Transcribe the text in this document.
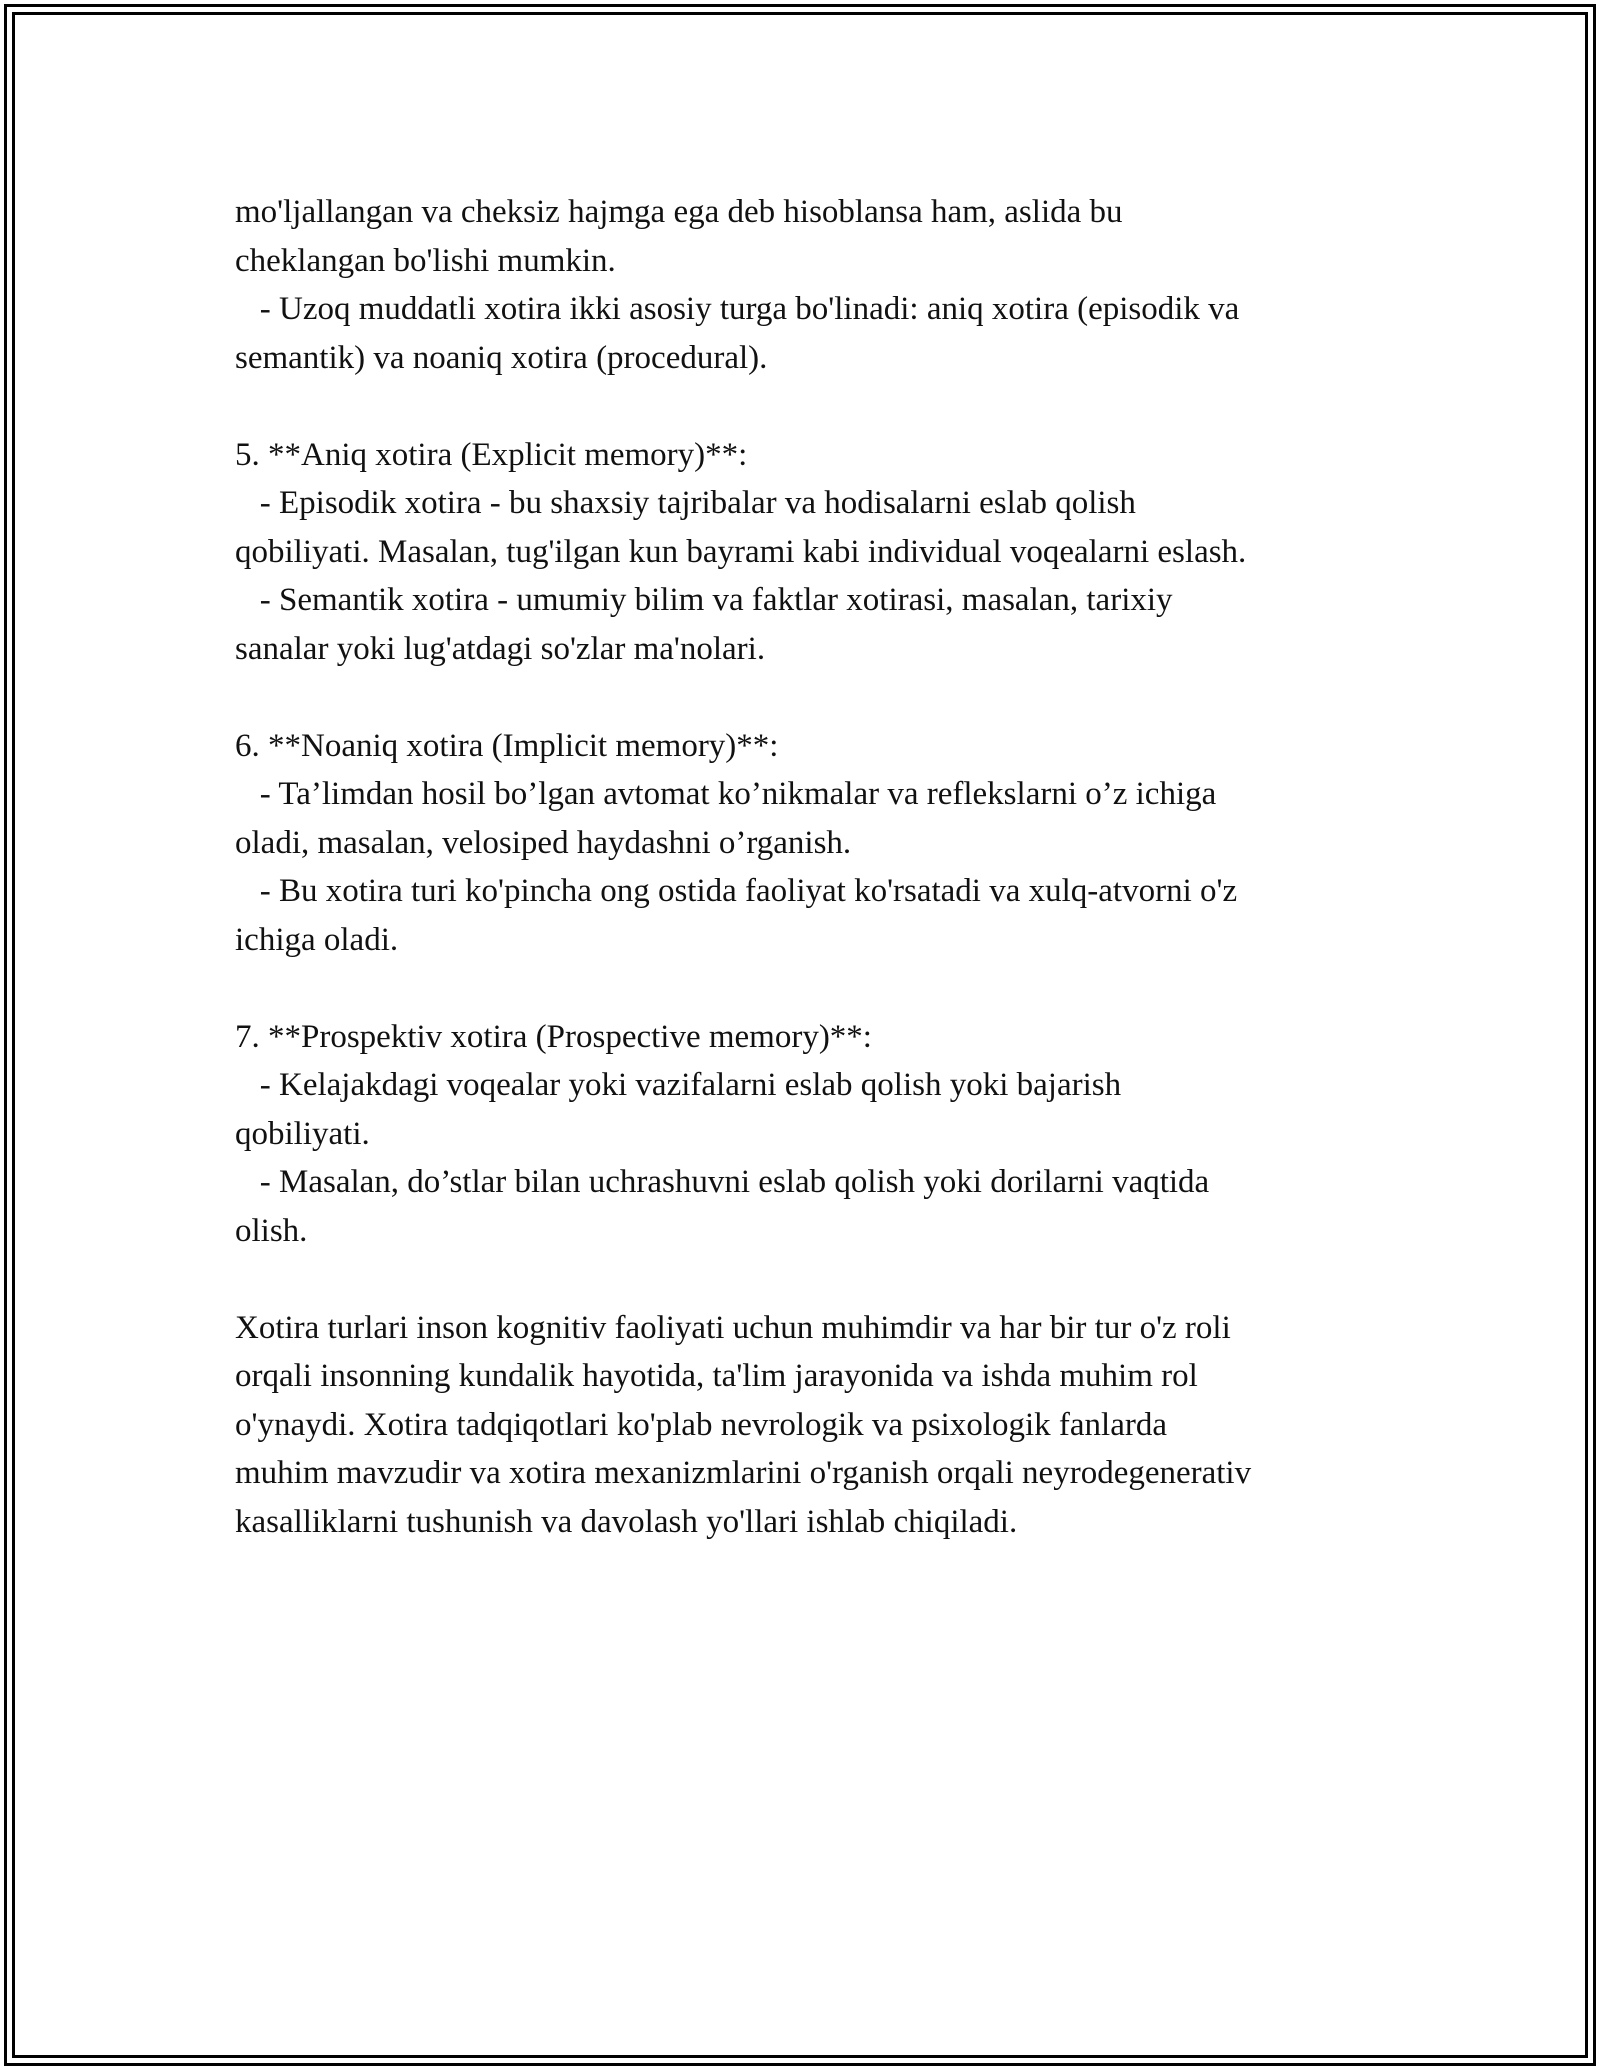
mo'ljallangan va cheksiz hajmga ega deb hisoblansa ham, aslida bu
cheklangan bo'lishi mumkin.
- Uzoq muddatli xotira ikki asosiy turga bo'linadi: aniq xotira (episodik va
semantik) va noaniq xotira (procedural).
5. **Aniq xotira (Explicit memory)**:
- Episodik xotira - bu shaxsiy tajribalar va hodisalarni eslab qolish
qobiliyati. Masalan, tug'ilgan kun bayrami kabi individual voqealarni eslash.
- Semantik xotira - umumiy bilim va faktlar xotirasi, masalan, tarixiy
sanalar yoki lug'atdagi so'zlar ma'nolari.
6. **Noaniq xotira (Implicit memory)**:
- Ta’limdan hosil bo’lgan avtomat ko’nikmalar va reflekslarni o’z ichiga
oladi, masalan, velosiped haydashni o’rganish.
- Bu xotira turi ko'pincha ong ostida faoliyat ko'rsatadi va xulq-atvorni o'z
ichiga oladi.
7. **Prospektiv xotira (Prospective memory)**:
- Kelajakdagi voqealar yoki vazifalarni eslab qolish yoki bajarish
qobiliyati.
- Masalan, do’stlar bilan uchrashuvni eslab qolish yoki dorilarni vaqtida
olish.
Xotira turlari inson kognitiv faoliyati uchun muhimdir va har bir tur o'z roli
orqali insonning kundalik hayotida, ta'lim jarayonida va ishda muhim rol
o'ynaydi. Xotira tadqiqotlari ko'plab nevrologik va psixologik fanlarda
muhim mavzudir va xotira mexanizmlarini o'rganish orqali neyrodegenerativ
kasalliklarni tushunish va davolash yo'llari ishlab chiqiladi.
